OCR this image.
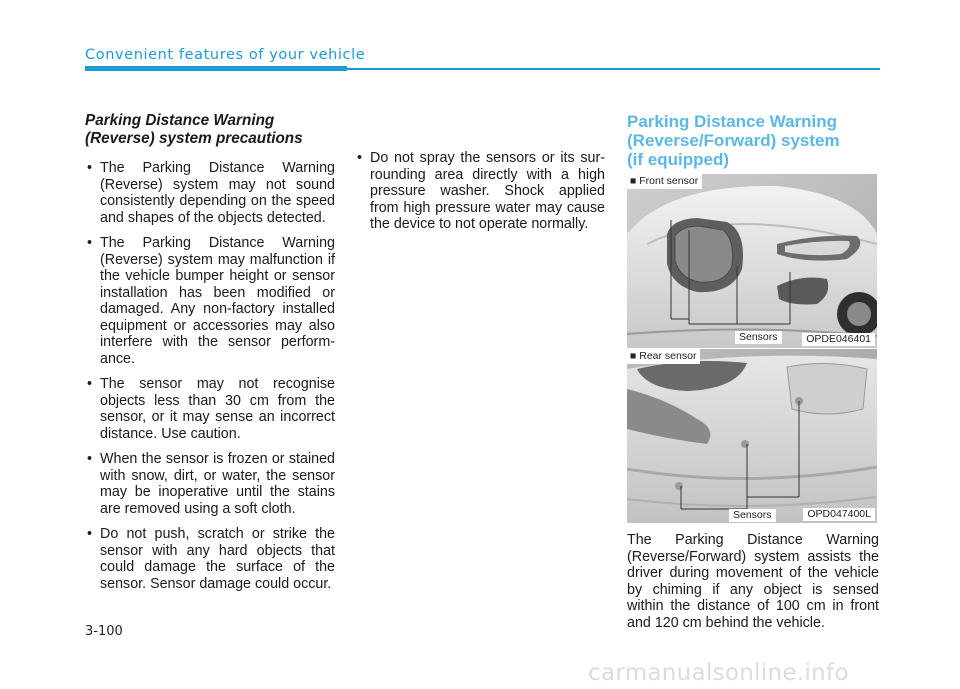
Convenient features of your vehicle
Parking Distance Warning
(Reverse) system precautions
• The Parking Distance Warning (Reverse) system may not sound consistently depending on the speed and shapes of the objects detected.
• The Parking Distance Warning (Reverse) system may malfunction if the vehicle bumper height or sensor installation has been modified or damaged. Any non-factory installed equipment or accessories may also interfere with the sensor perform-ance.
• The sensor may not recognise objects less than 30 cm from the sensor, or it may sense an incorrect distance. Use caution.
• When the sensor is frozen or stained with snow, dirt, or water, the sensor may be inoperative until the stains are removed using a soft cloth.
• Do not push, scratch or strike the sensor with any hard objects that could damage the surface of the sensor. Sensor damage could occur.
• Do not spray the sensors or its sur-rounding area directly with a high pressure washer. Shock applied from high pressure water may cause the device to not operate normally.
Parking Distance Warning
(Reverse/Forward) system
(if equipped)
■ Front sensor
Sensors	OPDE046401
■ Rear sensor
Sensors	OPD047400L
The Parking Distance Warning (Reverse/Forward) system assists the driver during movement of the vehicle by chiming if any object is sensed within the distance of 100 cm in front and 120 cm behind the vehicle.
3-100
carmanualsonline.info
